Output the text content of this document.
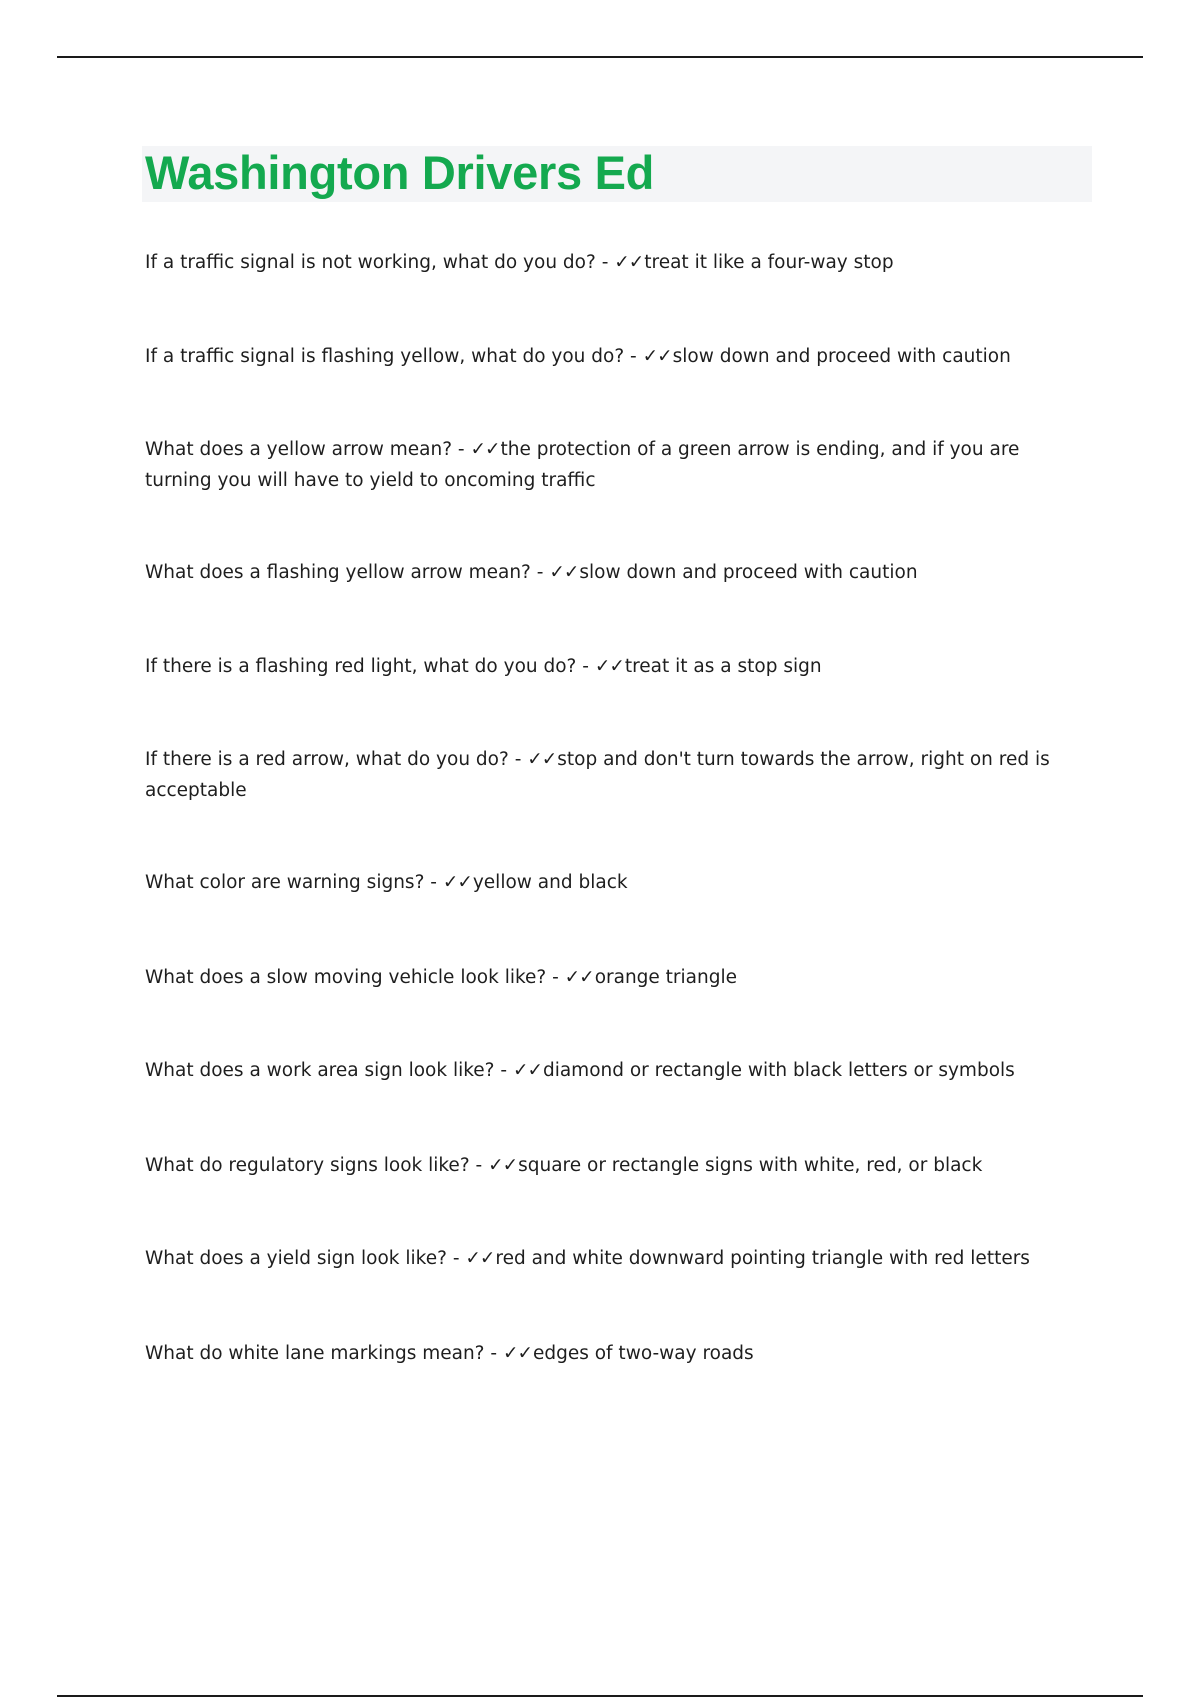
Washington Drivers Ed

If a traffic signal is not working, what do you do? - ✓✓treat it like a four-way stop

If a traffic signal is flashing yellow, what do you do? - ✓✓slow down and proceed with caution

What does a yellow arrow mean? - ✓✓the protection of a green arrow is ending, and if you are turning you will have to yield to oncoming traffic

What does a flashing yellow arrow mean? - ✓✓slow down and proceed with caution

If there is a flashing red light, what do you do? - ✓✓treat it as a stop sign

If there is a red arrow, what do you do? - ✓✓stop and don't turn towards the arrow, right on red is acceptable

What color are warning signs? - ✓✓yellow and black

What does a slow moving vehicle look like? - ✓✓orange triangle

What does a work area sign look like? - ✓✓diamond or rectangle with black letters or symbols

What do regulatory signs look like? - ✓✓square or rectangle signs with white, red, or black

What does a yield sign look like? - ✓✓red and white downward pointing triangle with red letters

What do white lane markings mean? - ✓✓edges of two-way roads
